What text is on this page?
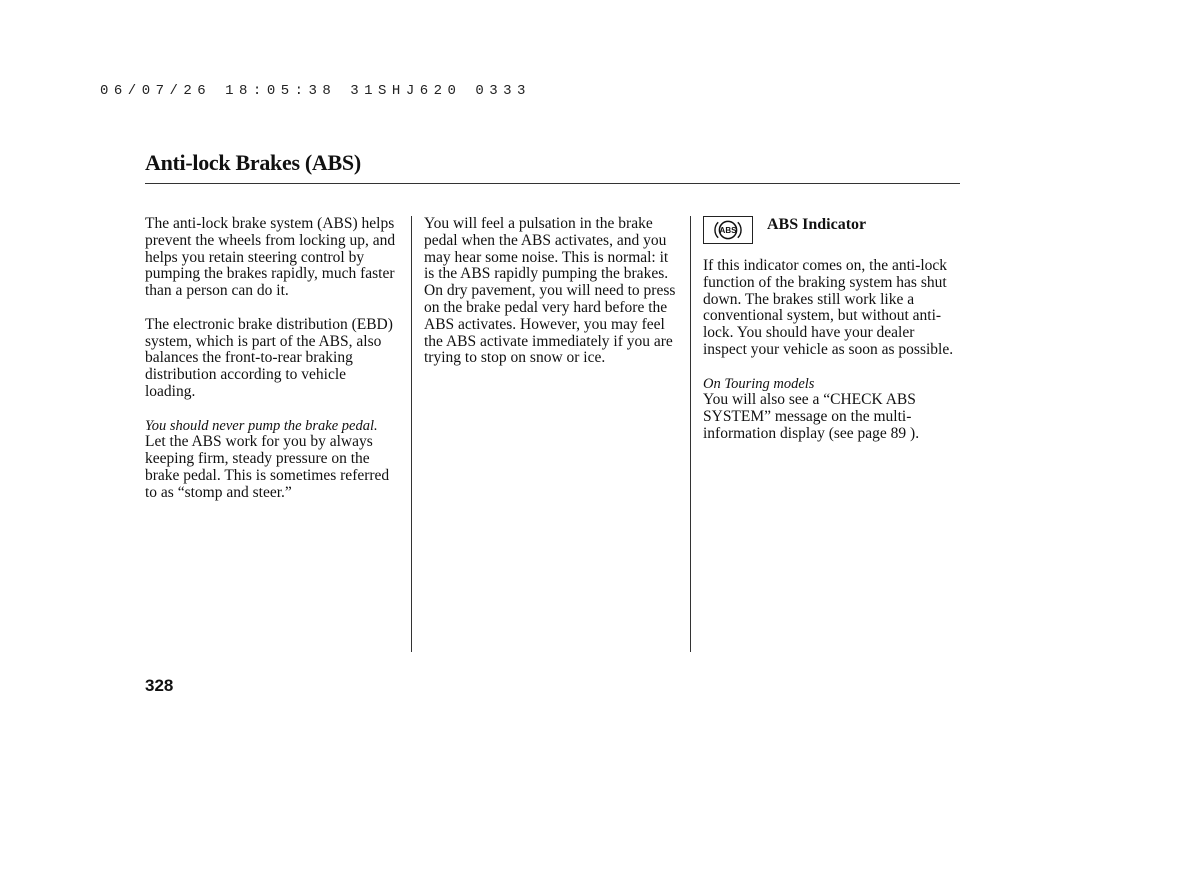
06/07/26 18:05:38 31SHJ620 0333
Anti-lock Brakes (ABS)

The anti-lock brake system (ABS) helps prevent the wheels from locking up, and helps you retain steering control by pumping the brakes rapidly, much faster than a person can do it.

The electronic brake distribution (EBD) system, which is part of the ABS, also balances the front-to-rear braking distribution according to vehicle loading.

You should never pump the brake pedal.

Let the ABS work for you by always keeping firm, steady pressure on the brake pedal. This is sometimes referred to as “stomp and steer.”

You will feel a pulsation in the brake pedal when the ABS activates, and you may hear some noise. This is normal: it is the ABS rapidly pumping the brakes. On dry pavement, you will need to press on the brake pedal very hard before the ABS activates. However, you may feel the ABS activate immediately if you are trying to stop on snow or ice.

ABS ABS Indicator

If this indicator comes on, the anti-lock function of the braking system has shut down. The brakes still work like a conventional system, but without anti-lock. You should have your dealer inspect your vehicle as soon as possible.

On Touring models

You will also see a “CHECK ABS SYSTEM” message on the multi-information display (see page 89 ).

328
